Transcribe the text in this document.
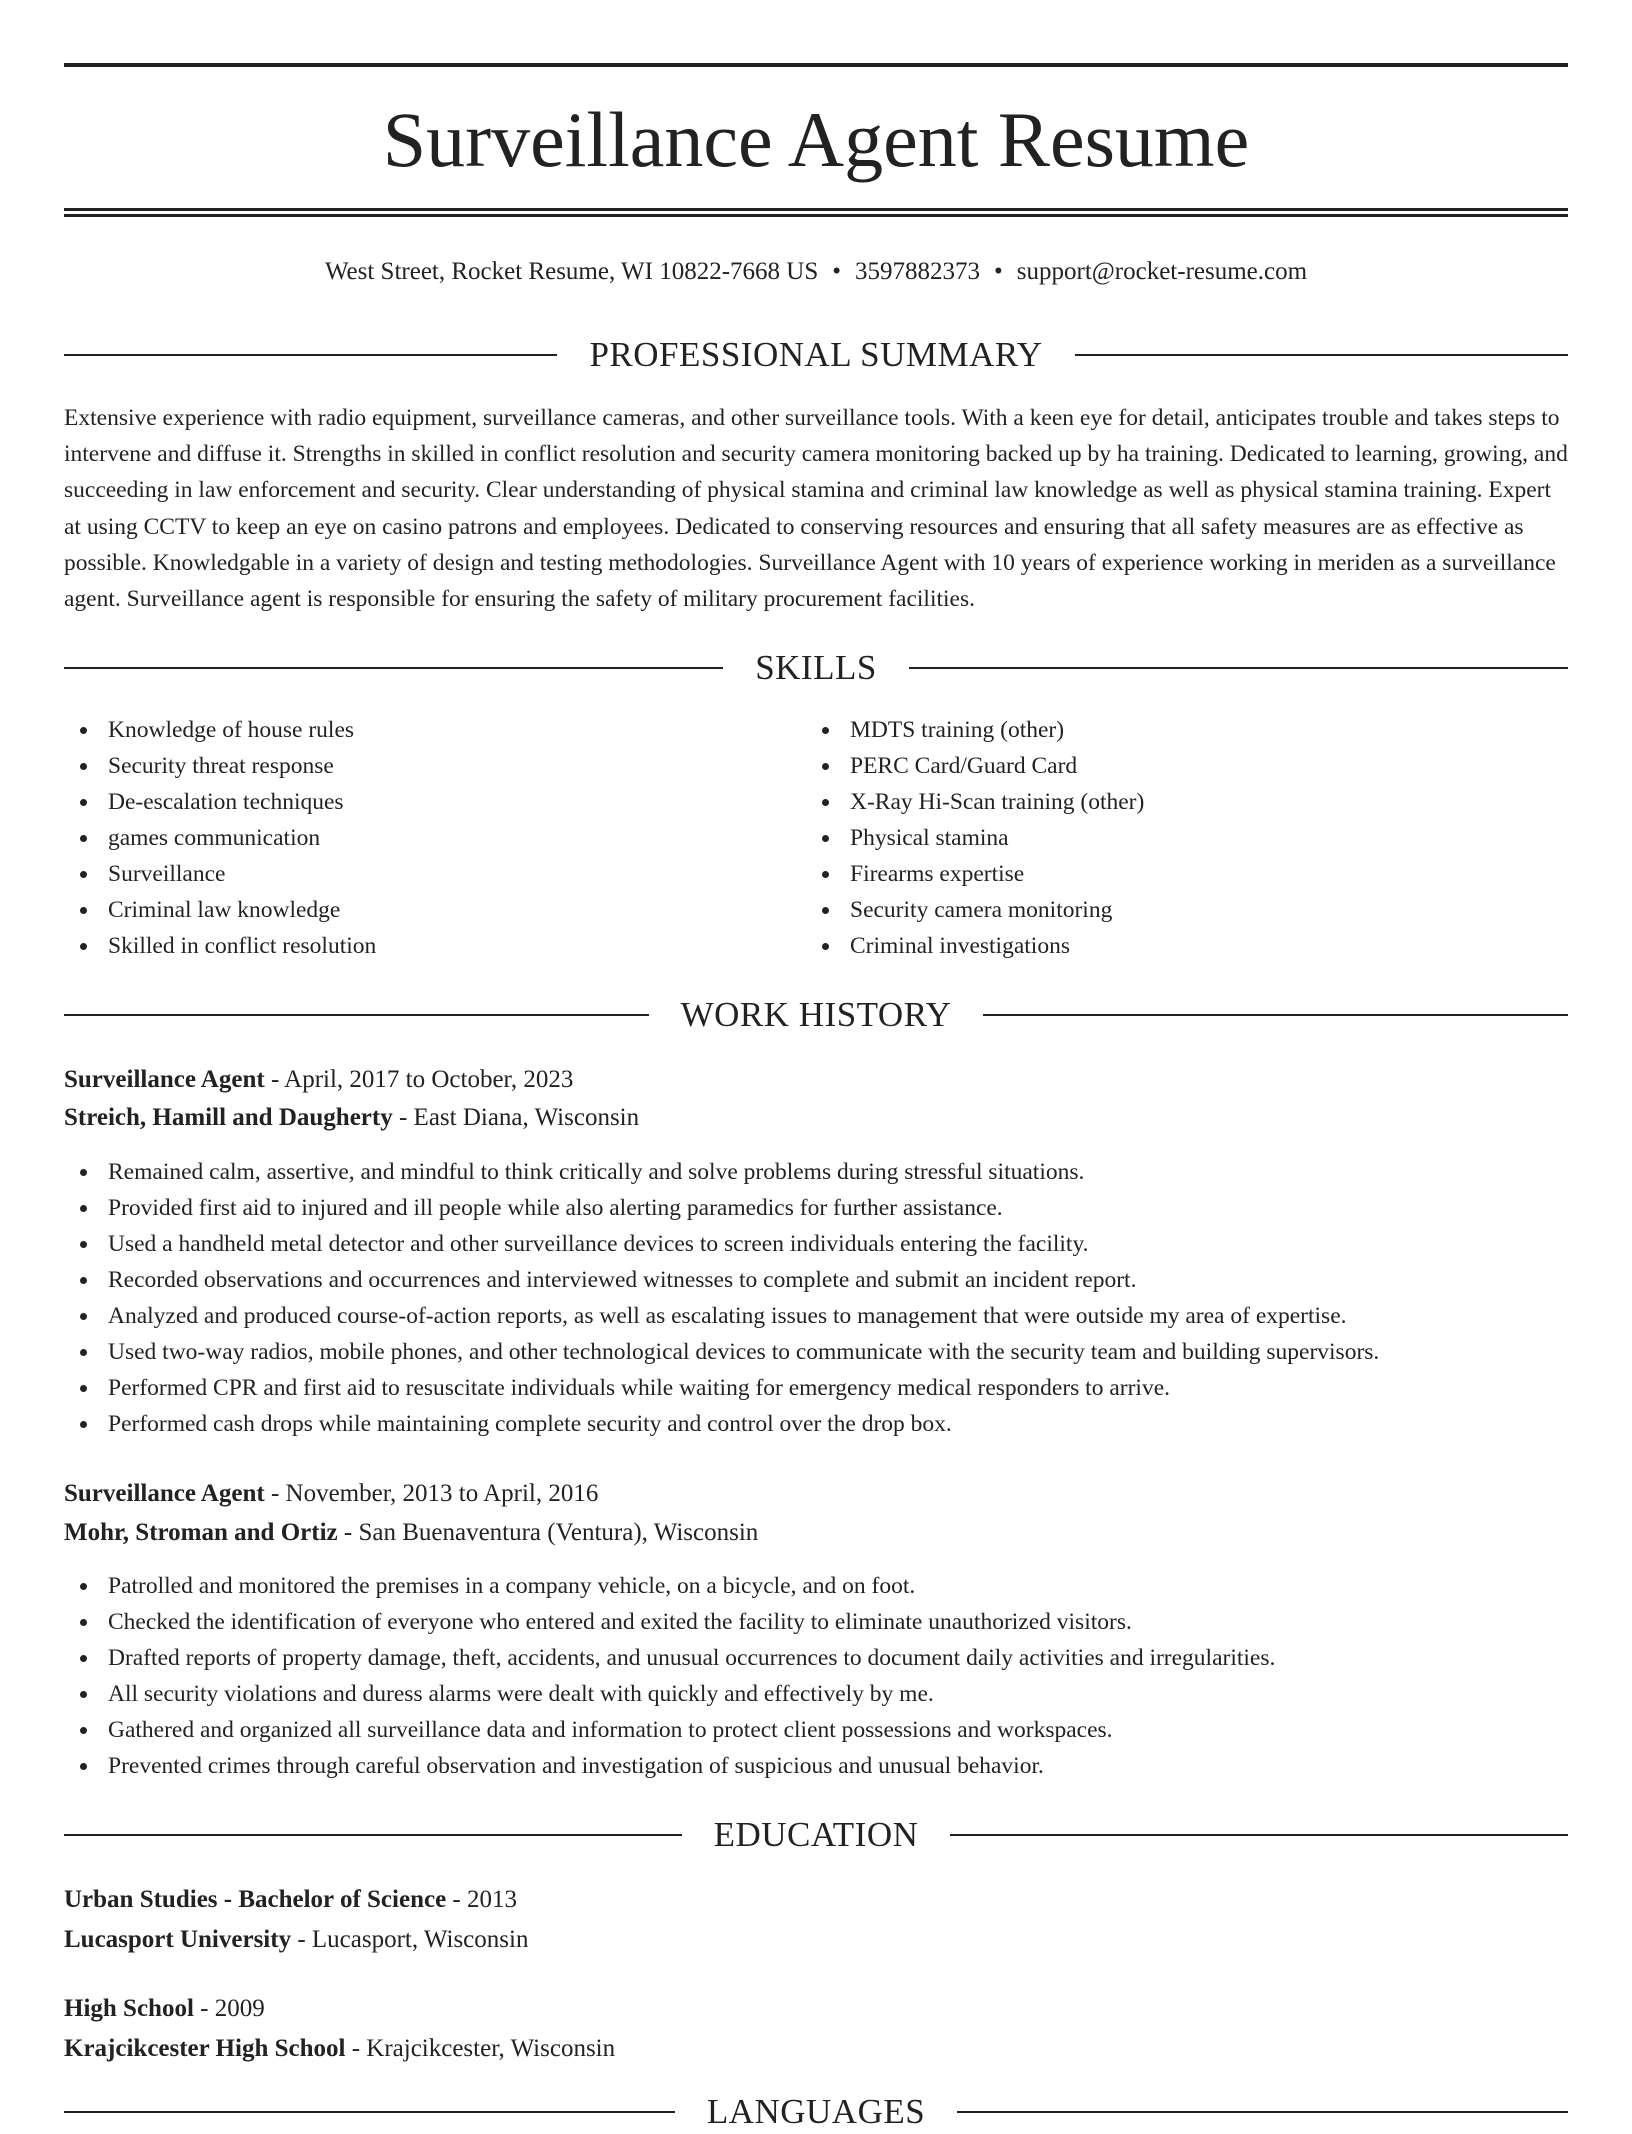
Surveillance Agent Resume
West Street, Rocket Resume, WI 10822-7668 US • 3597882373 • support@rocket-resume.com
PROFESSIONAL SUMMARY

Extensive experience with radio equipment, surveillance cameras, and other surveillance tools. With a keen eye for detail, anticipates trouble and takes steps to intervene and diffuse it. Strengths in skilled in conflict resolution and security camera monitoring backed up by ha training. Dedicated to learning, growing, and succeeding in law enforcement and security. Clear understanding of physical stamina and criminal law knowledge as well as physical stamina training. Expert at using CCTV to keep an eye on casino patrons and employees. Dedicated to conserving resources and ensuring that all safety measures are as effective as possible. Knowledgable in a variety of design and testing methodologies. Surveillance Agent with 10 years of experience working in meriden as a surveillance agent. Surveillance agent is responsible for ensuring the safety of military procurement facilities.

SKILLS
Knowledge of house rules
Security threat response
De-escalation techniques
games communication
Surveillance
Criminal law knowledge
Skilled in conflict resolution
MDTS training (other)
PERC Card/Guard Card
X-Ray Hi-Scan training (other)
Physical stamina
Firearms expertise
Security camera monitoring
Criminal investigations
WORK HISTORY
Surveillance Agent - April, 2017 to October, 2023
Streich, Hamill and Daugherty - East Diana, Wisconsin
Remained calm, assertive, and mindful to think critically and solve problems during stressful situations.
Provided first aid to injured and ill people while also alerting paramedics for further assistance.
Used a handheld metal detector and other surveillance devices to screen individuals entering the facility.
Recorded observations and occurrences and interviewed witnesses to complete and submit an incident report.
Analyzed and produced course-of-action reports, as well as escalating issues to management that were outside my area of expertise.
Used two-way radios, mobile phones, and other technological devices to communicate with the security team and building supervisors.
Performed CPR and first aid to resuscitate individuals while waiting for emergency medical responders to arrive.
Performed cash drops while maintaining complete security and control over the drop box.
Surveillance Agent - November, 2013 to April, 2016
Mohr, Stroman and Ortiz - San Buenaventura (Ventura), Wisconsin
Patrolled and monitored the premises in a company vehicle, on a bicycle, and on foot.
Checked the identification of everyone who entered and exited the facility to eliminate unauthorized visitors.
Drafted reports of property damage, theft, accidents, and unusual occurrences to document daily activities and irregularities.
All security violations and duress alarms were dealt with quickly and effectively by me.
Gathered and organized all surveillance data and information to protect client possessions and workspaces.
Prevented crimes through careful observation and investigation of suspicious and unusual behavior.
EDUCATION
Urban Studies - Bachelor of Science - 2013
Lucasport University - Lucasport, Wisconsin
High School - 2009
Krajcikcester High School - Krajcikcester, Wisconsin
LANGUAGES
